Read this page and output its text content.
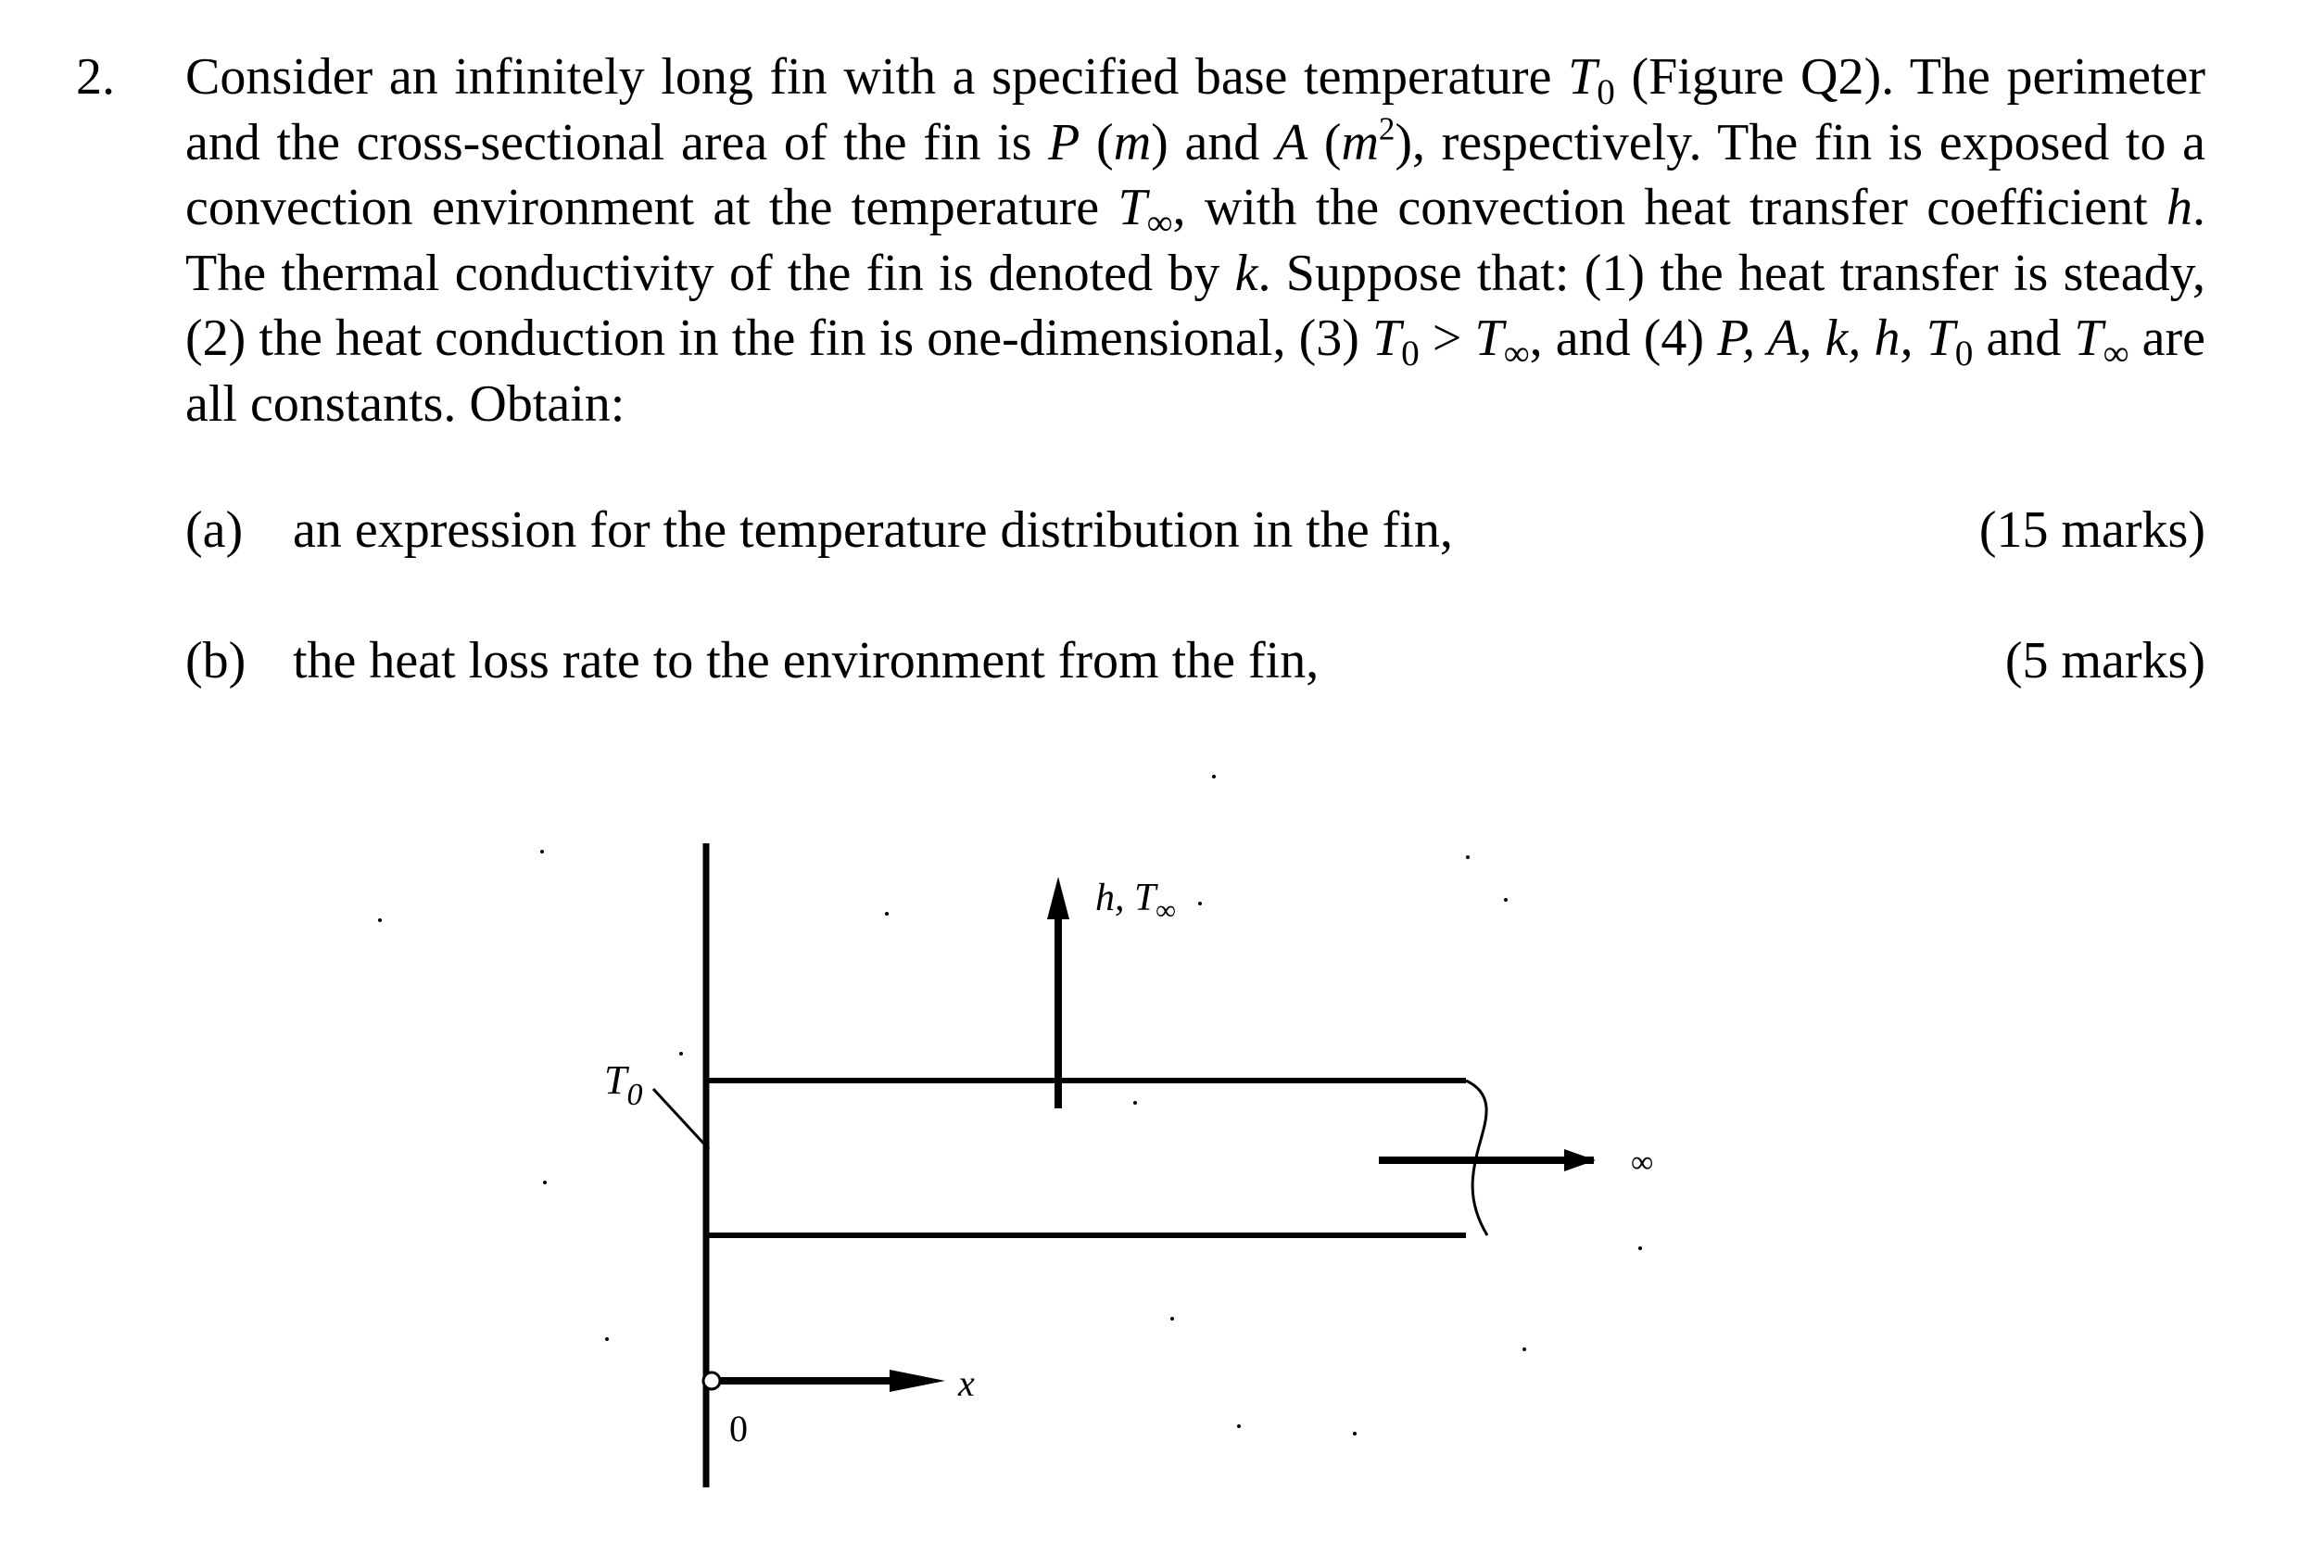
2. Consider an infinitely long fin with a specified base temperature $T_0$ (Figure Q2). The perimeter and the cross-sectional area of the fin is P (m) and A $(m^2)$, respectively. The fin is exposed to a convection environment at the temperature $T_\infty$, with the convection heat transfer coefficient h. The thermal conductivity of the fin is denoted by k. Suppose that: (1) the heat transfer is steady, (2) the heat conduction in the fin is one-dimensional, (3) $T_0 > T_\infty$, and (4) P, A, k, h, $T_0$ and $T_\infty$ are all constants. Obtain:
(a) an expression for the temperature distribution in the fin,	(15 marks)
(b) the heat loss rate to the environment from the fin,	(5 marks)
$T_0$
h, $T_\infty$
∞
x
0
